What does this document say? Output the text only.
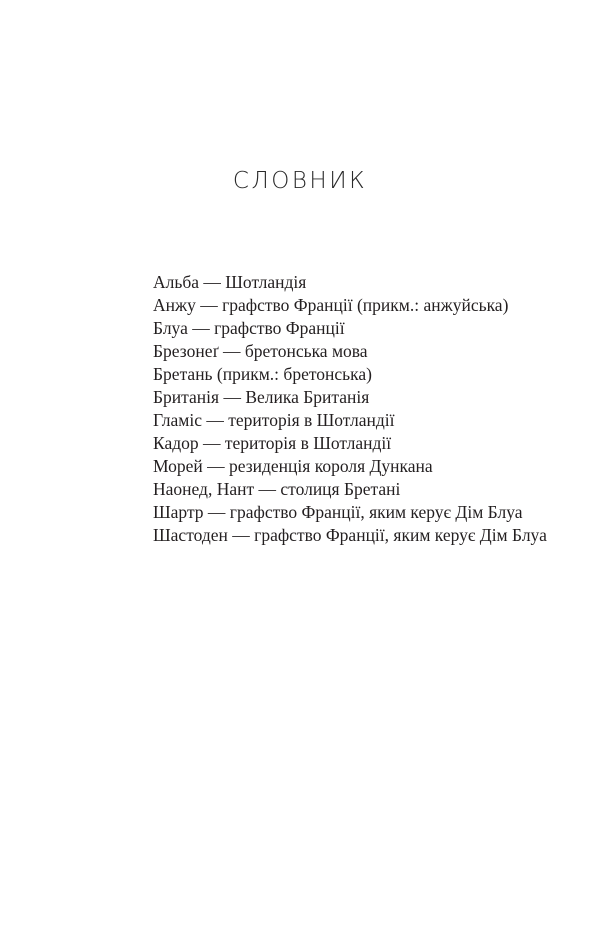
СЛОВНИК
Альба — Шотландія
Анжу — графство Франції (прикм.: анжуйська)
Блуа — графство Франції
Брезонеґ — бретонська мова
Бретань (прикм.: бретонська)
Британія — Велика Британія
Гламіс — територія в Шотландії
Кадор — територія в Шотландії
Морей — резиденція короля Дункана
Наонед, Нант — столиця Бретані
Шартр — графство Франції, яким керує Дім Блуа
Шастоден — графство Франції, яким керує Дім Блуа
